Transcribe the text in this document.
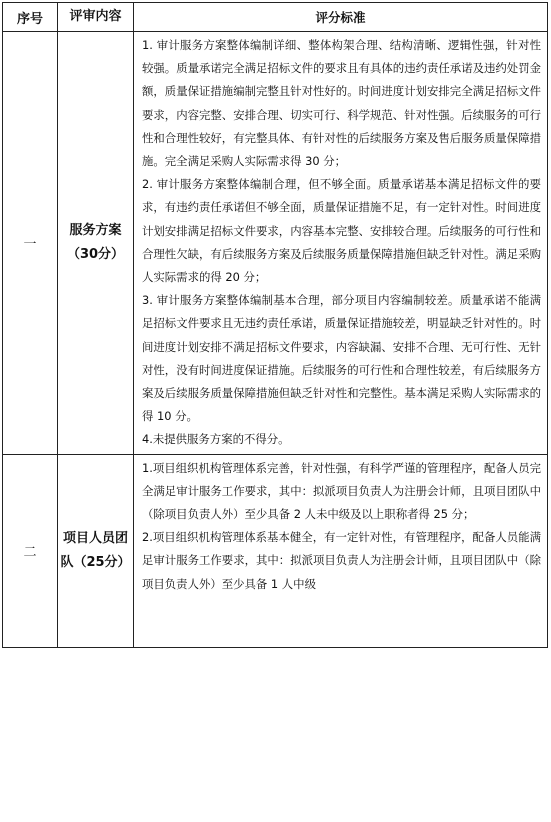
序号	评审内容	评分标准
一	服务方案（30分）	1. 审计服务方案整体编制详细、整体构架合理、结构清晰、逻辑性强，针对性较强。质量承诺完全满足招标文件的要求且有具体的违约责任承诺及违约处罚金额，质量保证措施编制完整且针对性好的。时间进度计划安排完全满足招标文件要求，内容完整、安排合理、切实可行、科学规范、针对性强。后续服务的可行性和合理性较好，有完整具体、有针对性的后续服务方案及售后服务质量保障措施。完全满足采购人实际需求得 30 分；

2. 审计服务方案整体编制合理，但不够全面。质量承诺基本满足招标文件的要求，有违约责任承诺但不够全面，质量保证措施不足，有一定针对性。时间进度计划安排满足招标文件要求，内容基本完整、安排较合理。后续服务的可行性和合理性欠缺，有后续服务方案及后续服务质量保障措施但缺乏针对性。满足采购人实际需求的得 20 分；

3. 审计服务方案整体编制基本合理，部分项目内容编制较差。质量承诺不能满足招标文件要求且无违约责任承诺，质量保证措施较差，明显缺乏针对性的。时间进度计划安排不满足招标文件要求，内容缺漏、安排不合理、无可行性、无针对性，没有时间进度保证措施。后续服务的可行性和合理性较差，有后续服务方案及后续服务质量保障措施但缺乏针对性和完整性。基本满足采购人实际需求的得 10 分。

4.未提供服务方案的不得分。

二	项目人员团队（25分）	1.项目组织机构管理体系完善，针对性强，有科学严谨的管理程序，配备人员完全满足审计服务工作要求，其中：拟派项目负责人为注册会计师，且项目团队中（除项目负责人外）至少具备 2 人未中级及以上职称者得 25 分；

2.项目组织机构管理体系基本健全，有一定针对性，有管理程序，配备人员能满足审计服务工作要求，其中：拟派项目负责人为注册会计师，且项目团队中（除项目负责人外）至少具备 1 人中级
